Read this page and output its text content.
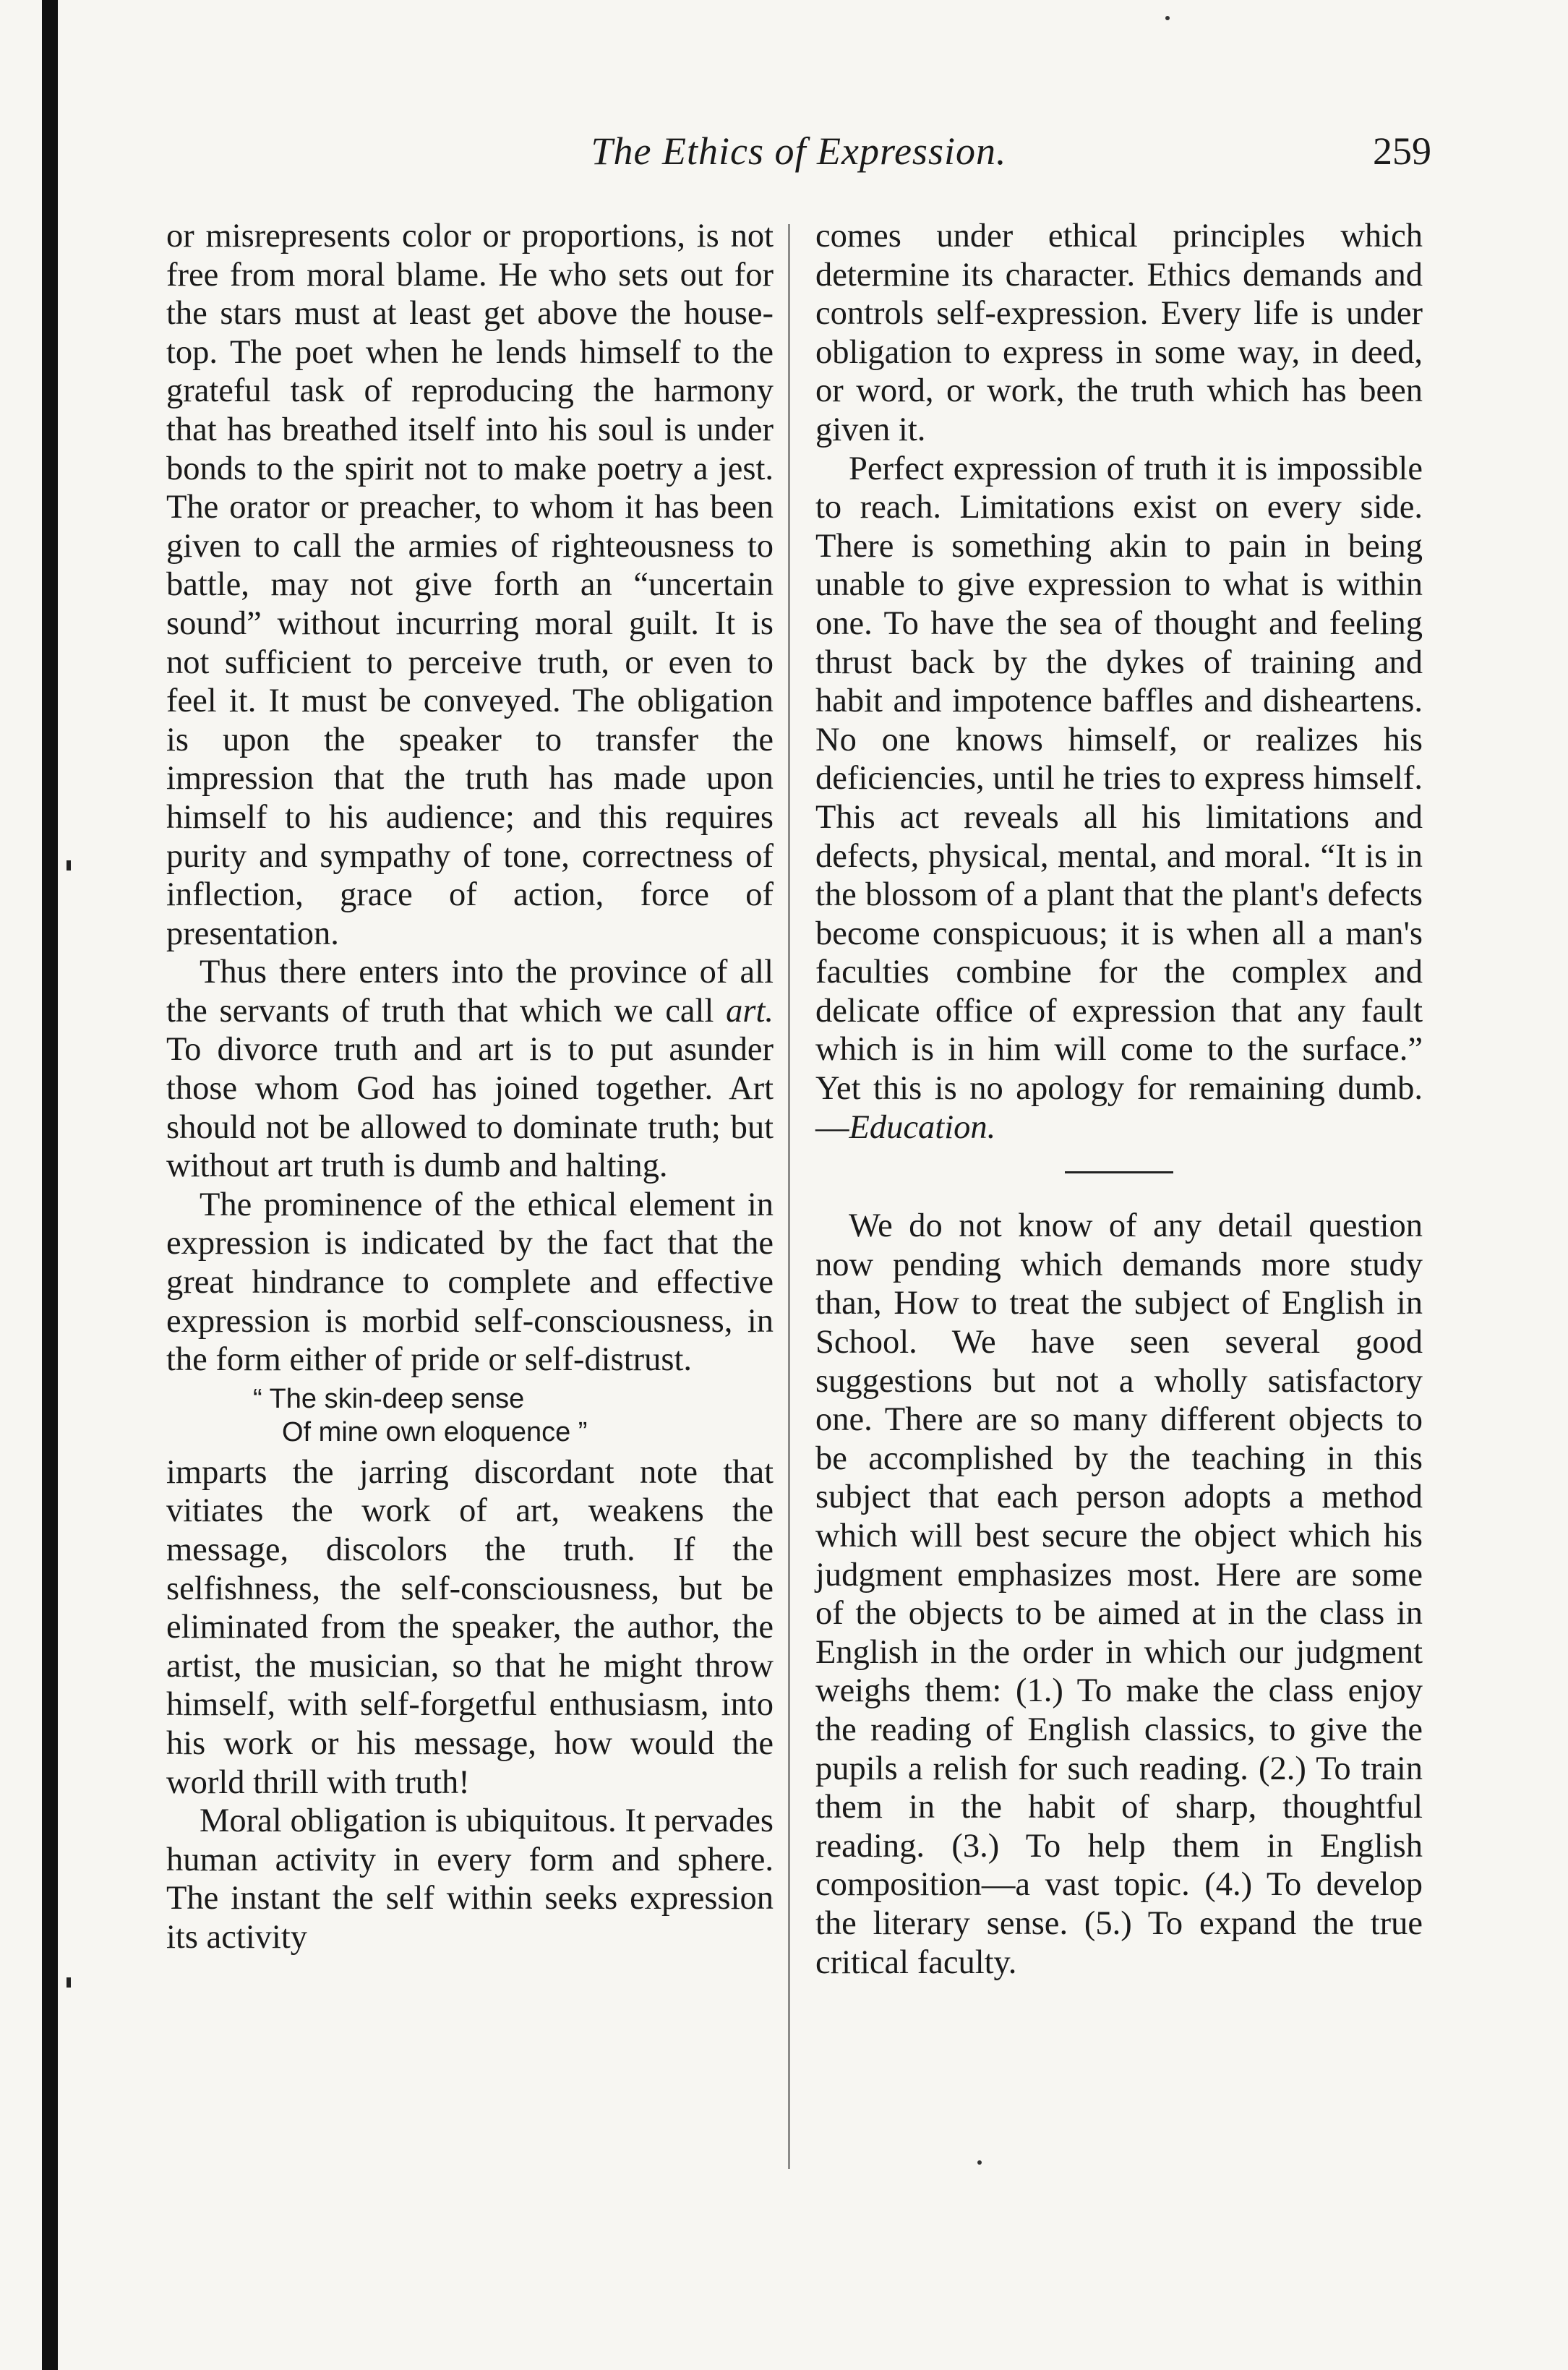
The Ethics of Expression.	259

or misrepresents color or proportions, is not free from moral blame. He who sets out for the stars must at least get above the house-top. The poet when he lends himself to the grateful task of reproducing the harmony that has breathed itself into his soul is under bonds to the spirit not to make poetry a jest. The orator or preacher, to whom it has been given to call the armies of righteousness to battle, may not give forth an “uncertain sound” without incurring moral guilt. It is not sufficient to perceive truth, or even to feel it. It must be conveyed. The obligation is upon the speaker to transfer the impression that the truth has made upon himself to his audience; and this requires purity and sympathy of tone, correctness of inflection, grace of action, force of presentation.

Thus there enters into the province of all the servants of truth that which we call art. To divorce truth and art is to put asunder those whom God has joined together. Art should not be allowed to dominate truth; but without art truth is dumb and halting.

The prominence of the ethical element in expression is indicated by the fact that the great hindrance to complete and effective expression is morbid self-consciousness, in the form either of pride or self-distrust.

“ The skin-deep sense

Of mine own eloquence ”

imparts the jarring discordant note that vitiates the work of art, weakens the message, discolors the truth. If the selfishness, the self-consciousness, but be eliminated from the speaker, the author, the artist, the musician, so that he might throw himself, with self-forgetful enthusiasm, into his work or his message, how would the world thrill with truth!

Moral obligation is ubiquitous. It pervades human activity in every form and sphere. The instant the self within seeks expression its activity

comes under ethical principles which determine its character. Ethics demands and controls self-expression. Every life is under obligation to express in some way, in deed, or word, or work, the truth which has been given it.

Perfect expression of truth it is impossible to reach. Limitations exist on every side. There is something akin to pain in being unable to give expression to what is within one. To have the sea of thought and feeling thrust back by the dykes of training and habit and impotence baffles and disheartens. No one knows himself, or realizes his deficiencies, until he tries to express himself. This act reveals all his limitations and defects, physical, mental, and moral. “It is in the blossom of a plant that the plant's defects become conspicuous; it is when all a man's faculties combine for the complex and delicate office of expression that any fault which is in him will come to the surface.” Yet this is no apology for remaining dumb.—Education.

We do not know of any detail question now pending which demands more study than, How to treat the subject of English in School. We have seen several good suggestions but not a wholly satisfactory one. There are so many different objects to be accomplished by the teaching in this subject that each person adopts a method which will best secure the object which his judgment emphasizes most. Here are some of the objects to be aimed at in the class in English in the order in which our judgment weighs them: (1.) To make the class enjoy the reading of English classics, to give the pupils a relish for such reading. (2.) To train them in the habit of sharp, thoughtful reading. (3.) To help them in English composition—a vast topic. (4.) To develop the literary sense. (5.) To expand the true critical faculty.
